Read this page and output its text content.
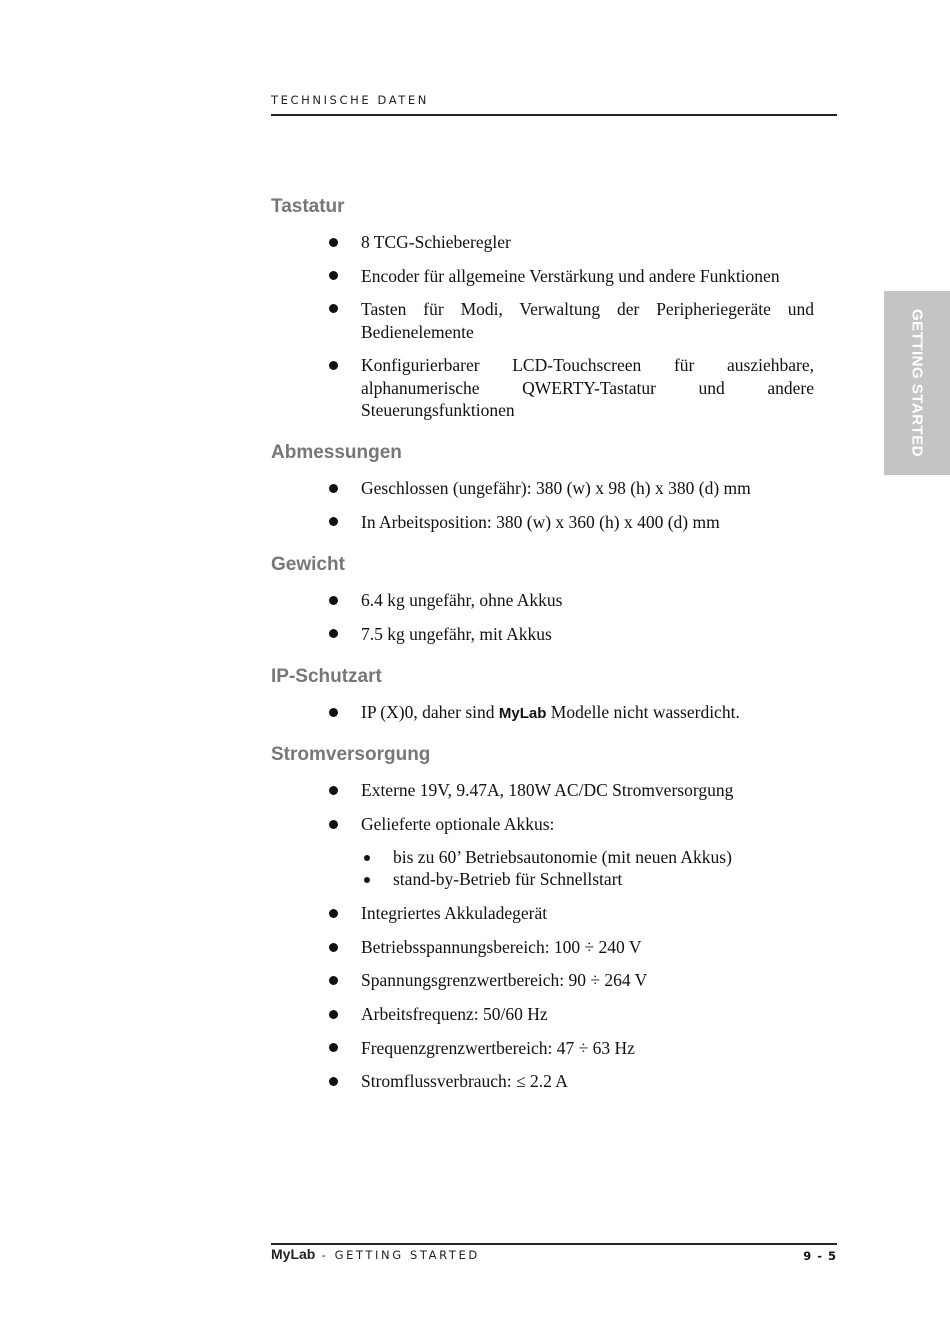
TECHNISCHE DATEN
GETTING STARTED
Tastatur
8 TCG-Schieberegler
Encoder für allgemeine Verstärkung und andere Funktionen
Tasten für Modi, Verwaltung der Peripheriegeräte und Bedienelemente
Konfigurierbarer LCD-Touchscreen für ausziehbare, alphanumerische QWERTY-Tastatur und andere Steuerungsfunktionen
Abmessungen
Geschlossen (ungefähr): 380 (w) x 98 (h) x 380 (d) mm
In Arbeitsposition: 380 (w) x 360 (h) x 400 (d) mm
Gewicht
6.4 kg ungefähr, ohne Akkus
7.5 kg ungefähr, mit Akkus
IP-Schutzart
IP (X)0, daher sind MyLab Modelle nicht wasserdicht.
Stromversorgung
Externe 19V, 9.47A, 180W AC/DC Stromversorgung
Gelieferte optionale Akkus:
bis zu 60’ Betriebsautonomie (mit neuen Akkus)
stand-by-Betrieb für Schnellstart
Integriertes Akkuladegerät
Betriebsspannungsbereich: 100 ÷ 240 V
Spannungsgrenzwertbereich: 90 ÷ 264 V
Arbeitsfrequenz: 50/60 Hz
Frequenzgrenzwertbereich: 47 ÷ 63 Hz
Stromflussverbrauch: ≤ 2.2 A
MyLab - GETTING STARTED	9 - 5
